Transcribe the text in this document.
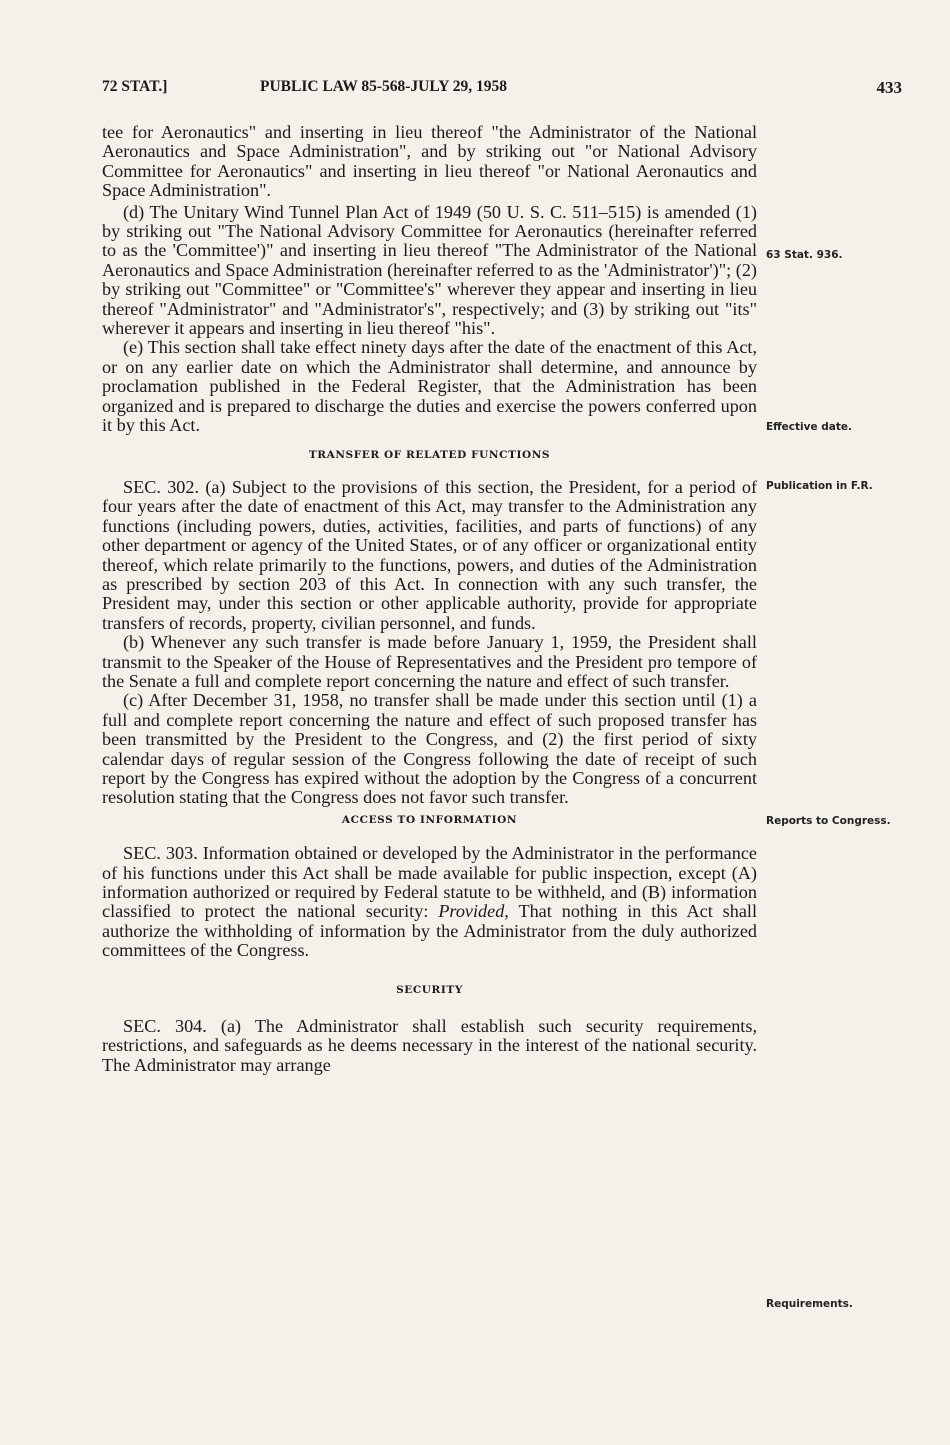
72 STAT.]	PUBLIC LAW 85-568-JULY 29, 1958	433

tee for Aeronautics" and inserting in lieu thereof "the Administrator of the National Aeronautics and Space Administration", and by striking out "or National Advisory Committee for Aeronautics" and inserting in lieu thereof "or National Aeronautics and Space Administration".

(d) The Unitary Wind Tunnel Plan Act of 1949 (50 U. S. C. 511–515) is amended (1) by striking out "The National Advisory Committee for Aeronautics (hereinafter referred to as the 'Committee')" and inserting in lieu thereof "The Administrator of the National Aeronautics and Space Administration (hereinafter referred to as the 'Administrator')"; (2) by striking out "Committee" or "Committee's" wherever they appear and inserting in lieu thereof "Administrator" and "Administrator's", respectively; and (3) by striking out "its" wherever it appears and inserting in lieu thereof "his".

(e) This section shall take effect ninety days after the date of the enactment of this Act, or on any earlier date on which the Administrator shall determine, and announce by proclamation published in the Federal Register, that the Administration has been organized and is prepared to discharge the duties and exercise the powers conferred upon it by this Act.

TRANSFER OF RELATED FUNCTIONS

SEC. 302. (a) Subject to the provisions of this section, the President, for a period of four years after the date of enactment of this Act, may transfer to the Administration any functions (including powers, duties, activities, facilities, and parts of functions) of any other department or agency of the United States, or of any officer or organizational entity thereof, which relate primarily to the functions, powers, and duties of the Administration as prescribed by section 203 of this Act. In connection with any such transfer, the President may, under this section or other applicable authority, provide for appropriate transfers of records, property, civilian personnel, and funds.

(b) Whenever any such transfer is made before January 1, 1959, the President shall transmit to the Speaker of the House of Representatives and the President pro tempore of the Senate a full and complete report concerning the nature and effect of such transfer.

(c) After December 31, 1958, no transfer shall be made under this section until (1) a full and complete report concerning the nature and effect of such proposed transfer has been transmitted by the President to the Congress, and (2) the first period of sixty calendar days of regular session of the Congress following the date of receipt of such report by the Congress has expired without the adoption by the Congress of a concurrent resolution stating that the Congress does not favor such transfer.

ACCESS TO INFORMATION

SEC. 303. Information obtained or developed by the Administrator in the performance of his functions under this Act shall be made available for public inspection, except (A) information authorized or required by Federal statute to be withheld, and (B) information classified to protect the national security: Provided, That nothing in this Act shall authorize the withholding of information by the Administrator from the duly authorized committees of the Congress.

SECURITY

SEC. 304. (a) The Administrator shall establish such security requirements, restrictions, and safeguards as he deems necessary in the interest of the national security. The Administrator may arrange

63 Stat. 936.
Effective date.
Publication in F.R.
Reports to Congress.
Requirements.
